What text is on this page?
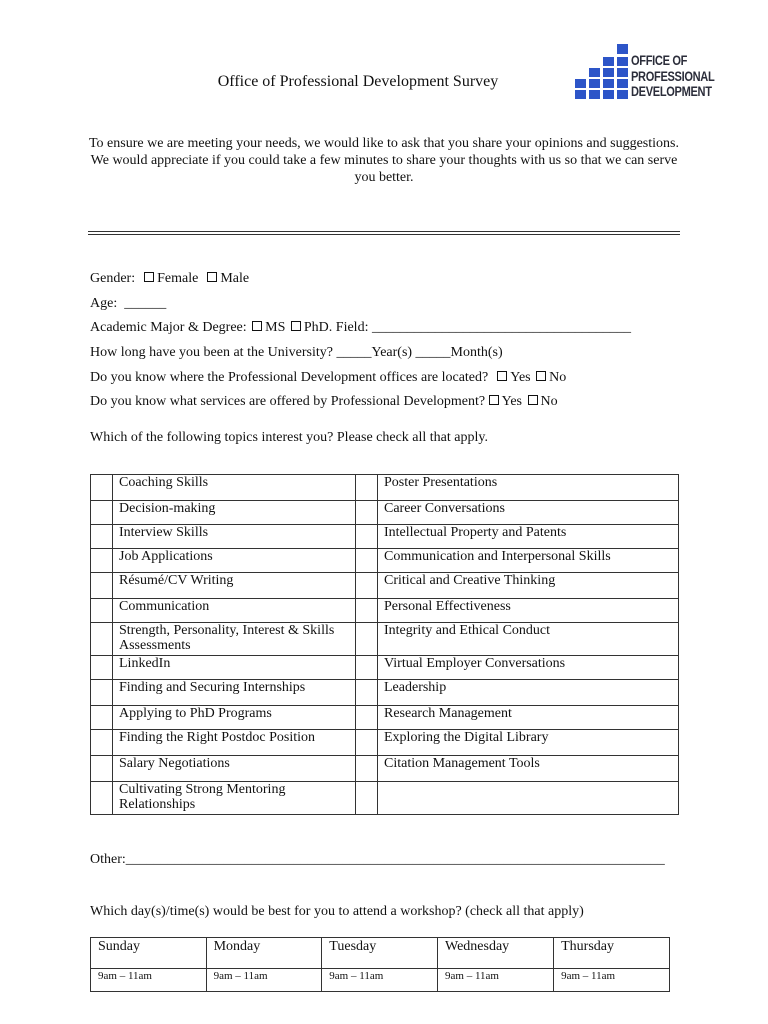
Office of Professional Development Survey
OFFICE OF
PROFESSIONAL
DEVELOPMENT
To ensure we are meeting your needs, we would like to ask that you share your opinions and suggestions. We would appreciate if you could take a few minutes to share your thoughts with us so that we can serve you better.
Gender: Female Male
Age: ______
Academic Major & Degree: MS PhD. Field: _____________________________________
How long have you been at the University? _____Year(s) _____Month(s)
Do you know where the Professional Development offices are located? Yes No
Do you know what services are offered by Professional Development? Yes No
Which of the following topics interest you? Please check all that apply.
	Coaching Skills		Poster Presentations
	Decision-making		Career Conversations
	Interview Skills		Intellectual Property and Patents
	Job Applications		Communication and Interpersonal Skills
	Résumé/CV Writing		Critical and Creative Thinking
	Communication		Personal Effectiveness
	Strength, Personality, Interest & Skills Assessments		Integrity and Ethical Conduct
	LinkedIn		Virtual Employer Conversations
	Finding and Securing Internships		Leadership
	Applying to PhD Programs		Research Management
	Finding the Right Postdoc Position		Exploring the Digital Library
	Salary Negotiations		Citation Management Tools
	Cultivating Strong Mentoring Relationships		
Other:_____________________________________________________________________________
Which day(s)/time(s) would be best for you to attend a workshop? (check all that apply)
Sunday	Monday	Tuesday	Wednesday	Thursday
9am – 11am	9am – 11am	9am – 11am	9am – 11am	9am – 11am
